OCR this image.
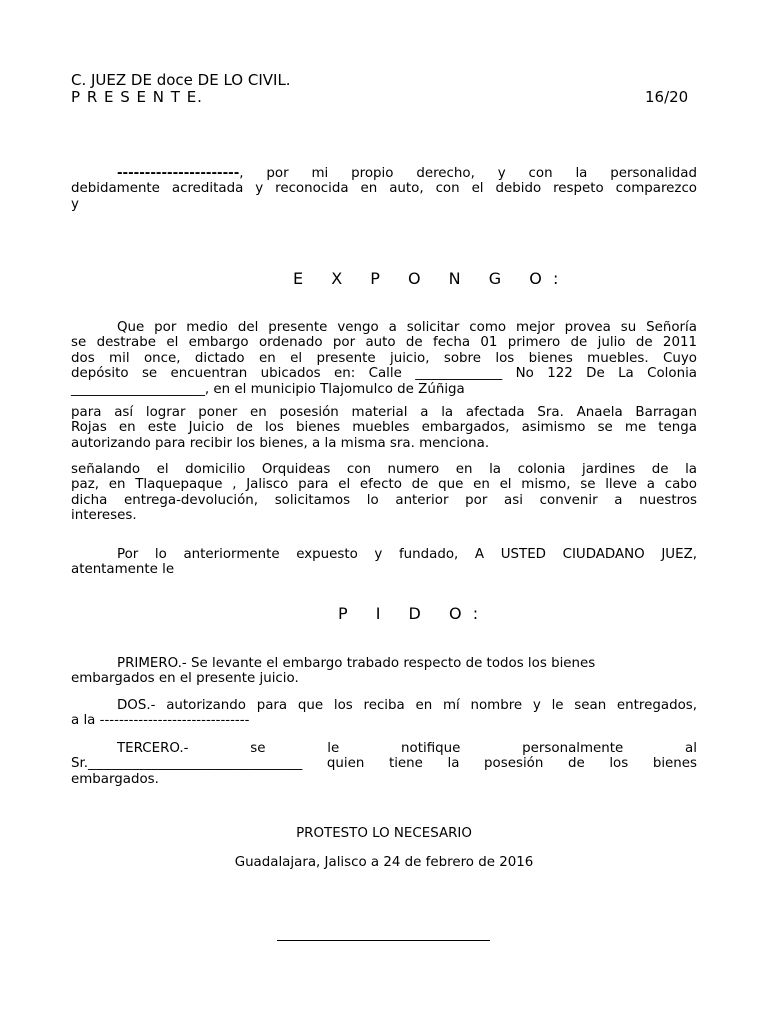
C. JUEZ DE doce DE LO CIVIL.
P R E S E N T E.	16/20
----------------------, por mi propio derecho, y con la personalidad
debidamente acreditada y reconocida en auto, con el debido respeto comparezco
y
E X P O N G O:
Que por medio del presente vengo a solicitar como mejor provea su Señoría
se destrabe el embargo ordenado por auto de fecha 01 primero de julio de 2011
dos mil once, dictado en el presente juicio, sobre los bienes muebles. Cuyo
depósito se encuentran ubicados en: Calle _____________ No 122 De La Colonia
____________________, en el municipio Tlajomulco de Zúñiga
para así lograr poner en posesión material a la afectada Sra. Anaela Barragan
Rojas en este Juicio de los bienes muebles embargados, asimismo se me tenga
autorizando para recibir los bienes, a la misma sra. menciona.
señalando el domicilio Orquideas con numero en la colonia jardines de la
paz, en Tlaquepaque , Jalisco para el efecto de que en el mismo, se lleve a cabo
dicha entrega-devolución, solicitamos lo anterior por asi convenir a nuestros
intereses.
Por lo anteriormente expuesto y fundado, A USTED CIUDADANO JUEZ,
atentamente le
P I D O:
PRIMERO.- Se levante el embargo trabado respecto de todos los bienes
embargados en el presente juicio.
DOS.- autorizando para que los reciba en mí nombre y le sean entregados,
a la -------------------------------
TERCERO.- se le notifique personalmente al
Sr.________________________________ quien tiene la posesión de los bienes
embargados.
PROTESTO LO NECESARIO
Guadalajara, Jalisco a 24 de febrero de 2016
